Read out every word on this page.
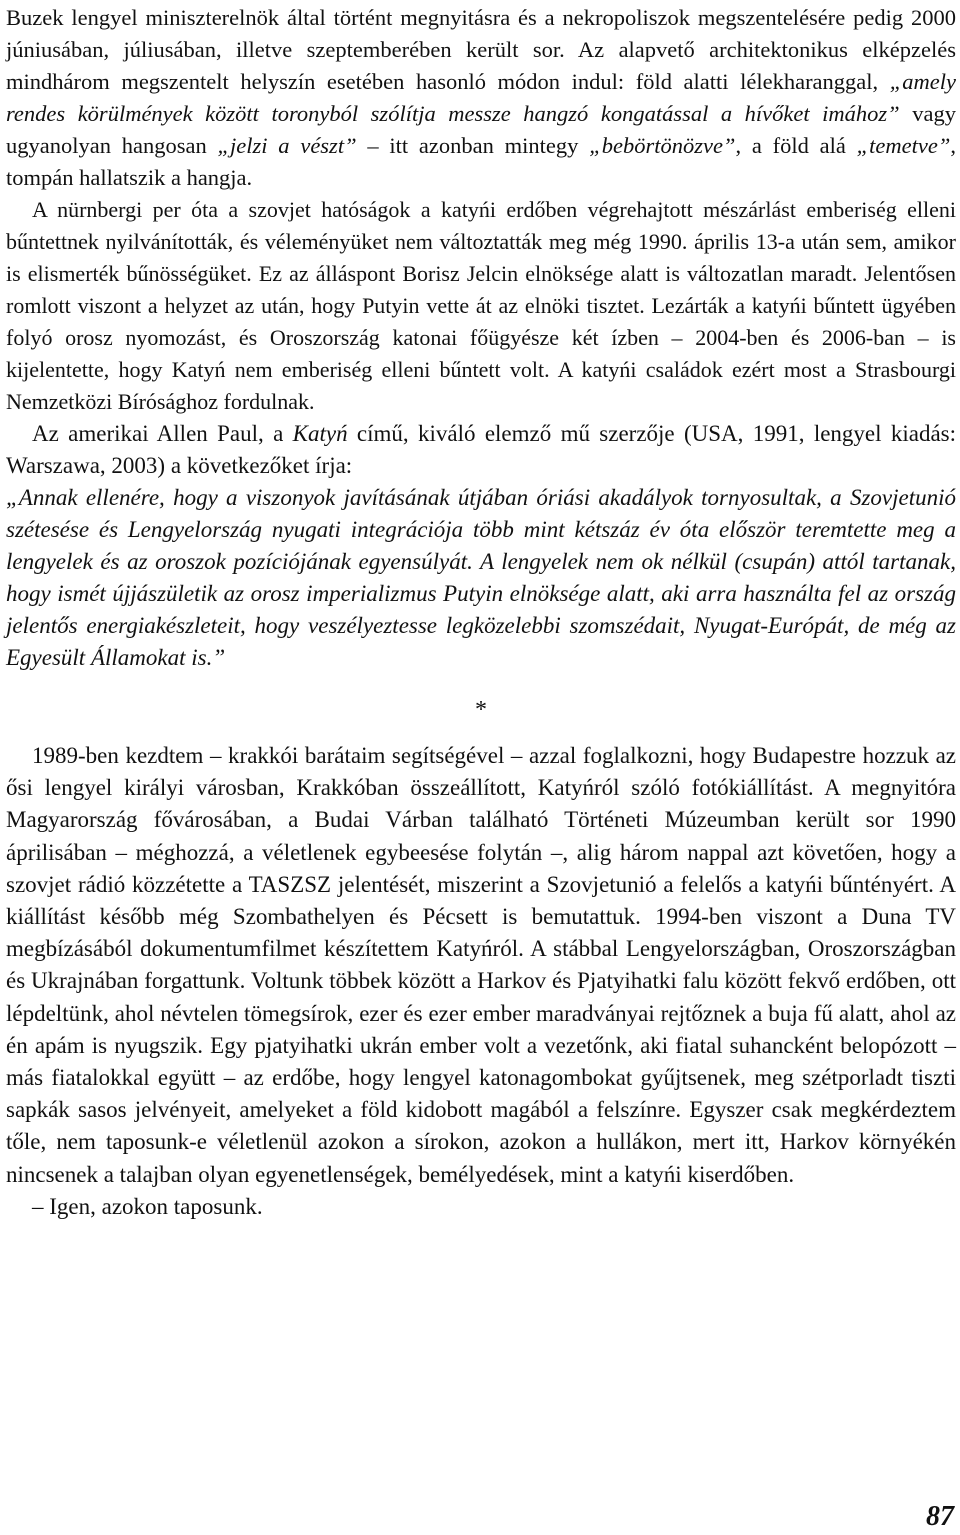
Buzek lengyel miniszterelnök által történt megnyitásra és a nekropoliszok megszentelésére pedig 2000 júniusában, júliusában, illetve szeptemberében került sor. Az alapvető architektonikus elképzelés mindhárom megszentelt helyszín esetében hasonló módon indul: föld alatti lélekharanggal, „amely rendes körülmények között toronyból szólítja messze hangzó kongatással a hívőket imához” vagy ugyanolyan hangosan „jelzi a vészt” – itt azonban mintegy „bebörtönözve”, a föld alá „temetve”, tompán hallatszik a hangja.

A nürnbergi per óta a szovjet hatóságok a katyńi erdőben végrehajtott mészárlást emberiség elleni bűntettnek nyilvánították, és véleményüket nem változtatták meg még 1990. április 13-a után sem, amikor is elismerték bűnösségüket. Ez az álláspont Borisz Jelcin elnöksége alatt is változatlan maradt. Jelentősen romlott viszont a helyzet az után, hogy Putyin vette át az elnöki tisztet. Lezárták a katyńi bűntett ügyében folyó orosz nyomozást, és Oroszország katonai főügyésze két ízben – 2004-ben és 2006-ban – is kijelentette, hogy Katyń nem emberiség elleni bűntett volt. A katyńi családok ezért most a Strasbourgi Nemzetközi Bírósághoz fordulnak.

Az amerikai Allen Paul, a Katyń című, kiváló elemző mű szerzője (USA, 1991, lengyel kiadás: Warszawa, 2003) a következőket írja:

„Annak ellenére, hogy a viszonyok javításának útjában óriási akadályok tornyosultak, a Szovjetunió szétesése és Lengyelország nyugati integrációja több mint kétszáz év óta először teremtette meg a lengyelek és az oroszok pozíciójának egyensúlyát. A lengyelek nem ok nélkül (csupán) attól tartanak, hogy ismét újjászületik az orosz imperializmus Putyin elnöksége alatt, aki arra használta fel az ország jelentős energiakészleteit, hogy veszélyeztesse legközelebbi szomszédait, Nyugat-Európát, de még az Egyesült Államokat is.”

*

1989-ben kezdtem – krakkói barátaim segítségével – azzal foglalkozni, hogy Budapestre hozzuk az ősi lengyel királyi városban, Krakkóban összeállított, Katyńról szóló fotókiállítást. A megnyitóra Magyarország fővárosában, a Budai Várban található Történeti Múzeumban került sor 1990 áprilisában – méghozzá, a véletlenek egybeesése folytán –, alig három nappal azt követően, hogy a szovjet rádió közzétette a TASZSZ jelentését, miszerint a Szovjetunió a felelős a katyńi bűntényért. A kiállítást később még Szombathelyen és Pécsett is bemutattuk. 1994-ben viszont a Duna TV megbízásából dokumentumfilmet készítettem Katyńról. A stábbal Lengyelországban, Oroszországban és Ukrajnában forgattunk. Voltunk többek között a Harkov és Pjatyihatki falu között fekvő erdőben, ott lépdeltünk, ahol névtelen tömegsírok, ezer és ezer ember maradványai rejtőznek a buja fű alatt, ahol az én apám is nyugszik. Egy pjatyihatki ukrán ember volt a vezetőnk, aki fiatal suhancként belopózott – más fiatalokkal együtt – az erdőbe, hogy lengyel katonagombokat gyűjtsenek, meg szétporladt tiszti sapkák sasos jelvényeit, amelyeket a föld kidobott magából a felszínre. Egyszer csak megkérdeztem tőle, nem taposunk-e véletlenül azokon a sírokon, azokon a hullákon, mert itt, Harkov környékén nincsenek a talajban olyan egyenetlenségek, bemélyedések, mint a katyńi kiserdőben.

– Igen, azokon taposunk.

87
